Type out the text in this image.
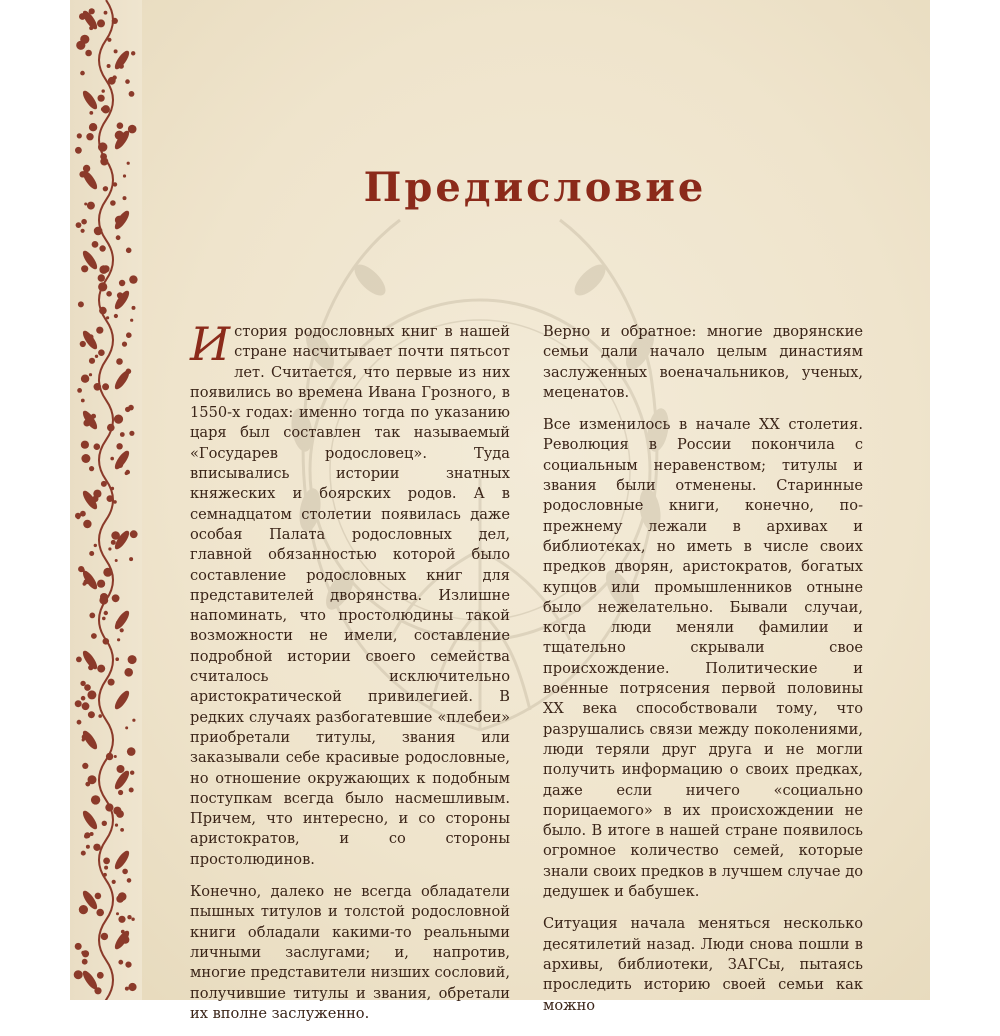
Предисловие

История родословных книг в нашей стране насчитывает почти пятьсот лет. Считается, что первые из них появились во времена Ивана Грозного, в 1550-х годах: именно тогда по указанию царя был составлен так называемый «Государев родословец». Туда вписывались истории знатных княжеских и боярских родов. А в семнадцатом столетии появилась даже особая Палата родословных дел, главной обязанностью которой было составление родословных книг для представителей дворянства. Излишне напоминать, что простолюдины такой возможности не имели, составление подробной истории своего семейства считалось исключительно аристократической привилегией. В редких случаях разбогатевшие «плебеи» приобретали титулы, звания или заказывали себе красивые родословные, но отношение окружающих к подобным поступкам всегда было насмешливым. Причем, что интересно, и со стороны аристократов, и со стороны простолюдинов.

Конечно, далеко не всегда обладатели пышных титулов и толстой родословной книги обладали какими-то реальными личными заслугами; и, напротив, многие представители низших сословий, получившие титулы и звания, обретали их вполне заслуженно.

Верно и обратное: многие дворянские семьи дали начало целым династиям заслуженных военачальников, ученых, меценатов.

Все изменилось в начале XX столетия. Революция в России покончила с социальным неравенством; титулы и звания были отменены. Старинные родословные книги, конечно, по-прежнему лежали в архивах и библиотеках, но иметь в числе своих предков дворян, аристократов, богатых купцов или промышленников отныне было нежелательно. Бывали случаи, когда люди меняли фамилии и тщательно скрывали свое происхождение. Политические и военные потрясения первой половины XX века способствовали тому, что разрушались связи между поколениями, люди теряли друг друга и не могли получить информацию о своих предках, даже если ничего «социально порицаемого» в их происхождении не было. В итоге в нашей стране появилось огромное количество семей, которые знали своих предков в лучшем случае до дедушек и бабушек.

Ситуация начала меняться несколько десятилетий назад. Люди снова пошли в архивы, библиотеки, ЗАГСы, пытаясь проследить историю своей семьи как можно
